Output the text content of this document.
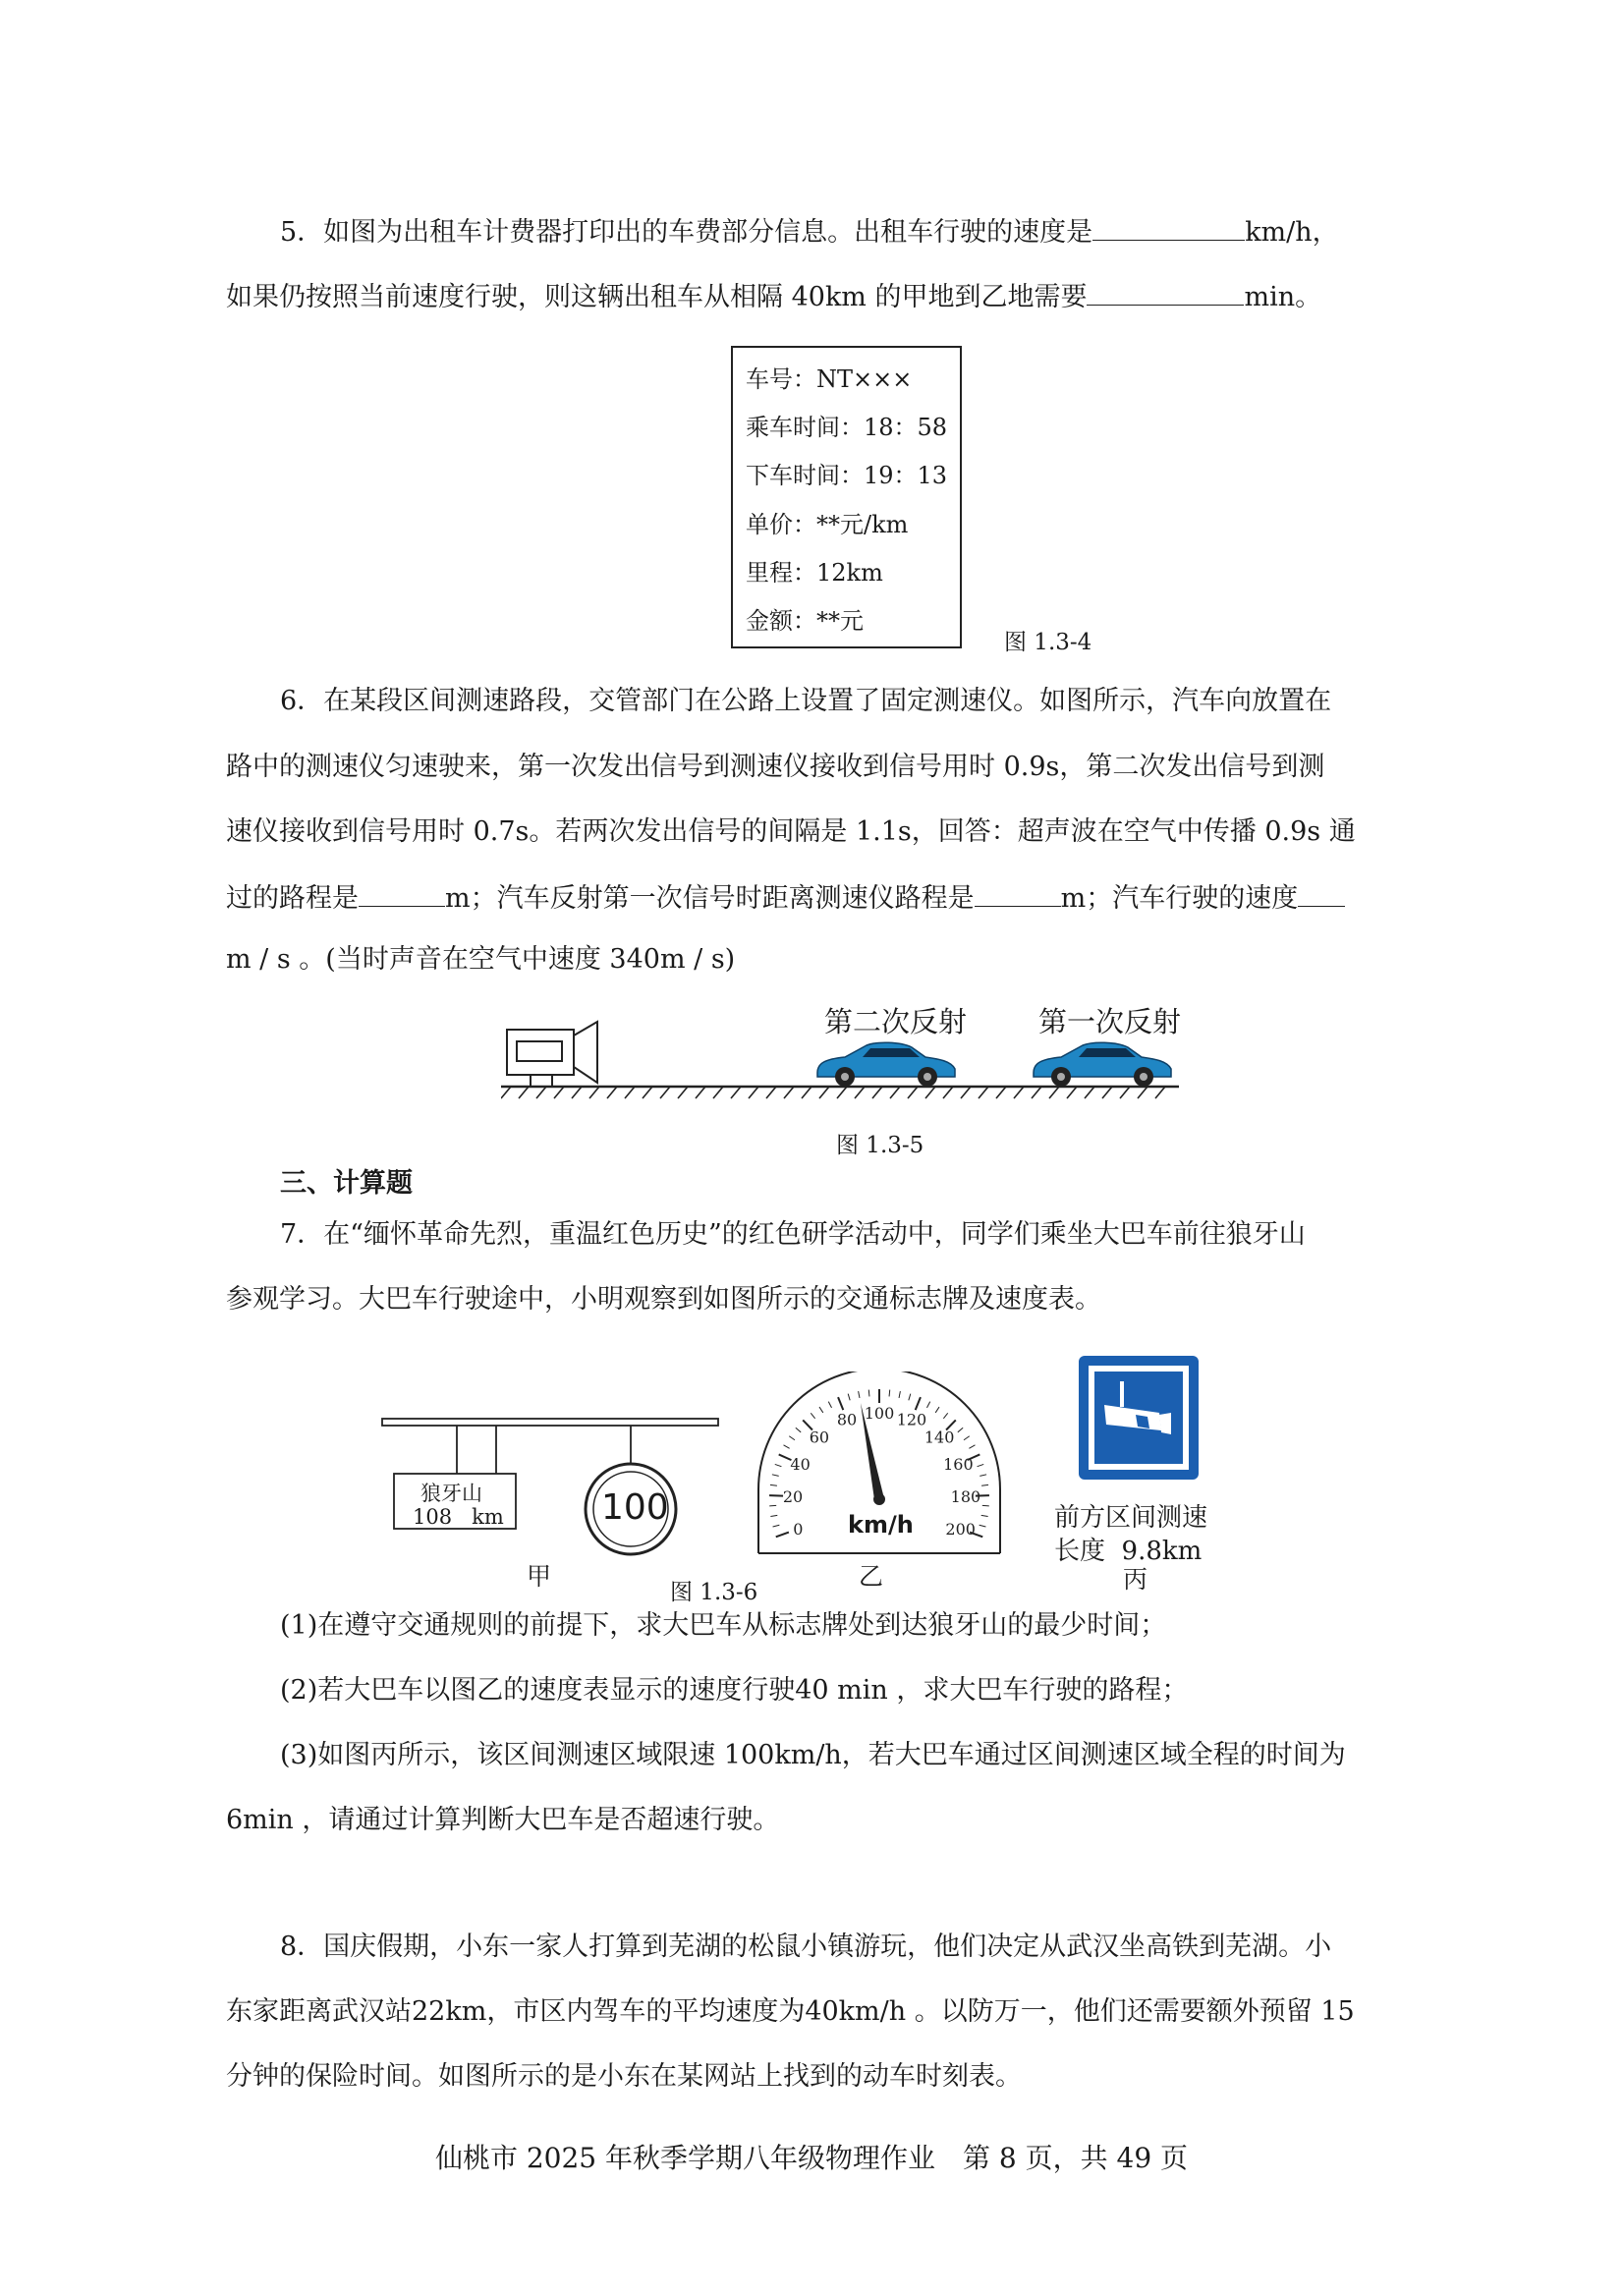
5．如图为出租车计费器打印出的车费部分信息。出租车行驶的速度是	km/h，
如果仍按照当前速度行驶，则这辆出租车从相隔 40km 的甲地到乙地需要	min。
车号：NT×××
乘车时间：18：58
下车时间：19：13
单价：**元/km
里程：12km
金额：**元
图 1.3-4
6．在某段区间测速路段，交管部门在公路上设置了固定测速仪。如图所示，汽车向放置在
路中的测速仪匀速驶来，第一次发出信号到测速仪接收到信号用时 0.9s，第二次发出信号到测
速仪接收到信号用时 0.7s。若两次发出信号的间隔是 1.1s，回答：超声波在空气中传播 0.9s 通
过的路程是	m；汽车反射第一次信号时距离测速仪路程是	m；汽车行驶的速度
m / s 。(当时声音在空气中速度 340m / s)
第二次反射	第一次反射
图 1.3-5
三、计算题
7．在“缅怀革命先烈，重温红色历史”的红色研学活动中，同学们乘坐大巴车前往狼牙山
参观学习。大巴车行驶途中，小明观察到如图所示的交通标志牌及速度表。
狼牙山
108   km	100
甲
图 1.3-6
0
20
40
60
80 100 120
140
160
180
200
km/h
乙
前方区间测速
长度  9.8km
丙
(1)在遵守交通规则的前提下，求大巴车从标志牌处到达狼牙山的最少时间；
(2)若大巴车以图乙的速度表显示的速度行驶40 min ，求大巴车行驶的路程；
(3)如图丙所示，该区间测速区域限速 100km/h，若大巴车通过区间测速区域全程的时间为
6min ，请通过计算判断大巴车是否超速行驶。
8．国庆假期，小东一家人打算到芜湖的松鼠小镇游玩，他们决定从武汉坐高铁到芜湖。小
东家距离武汉站22km，市区内驾车的平均速度为40km/h 。以防万一，他们还需要额外预留 15
分钟的保险时间。如图所示的是小东在某网站上找到的动车时刻表。
仙桃市 2025 年秋季学期八年级物理作业 第 8 页，共 49 页
